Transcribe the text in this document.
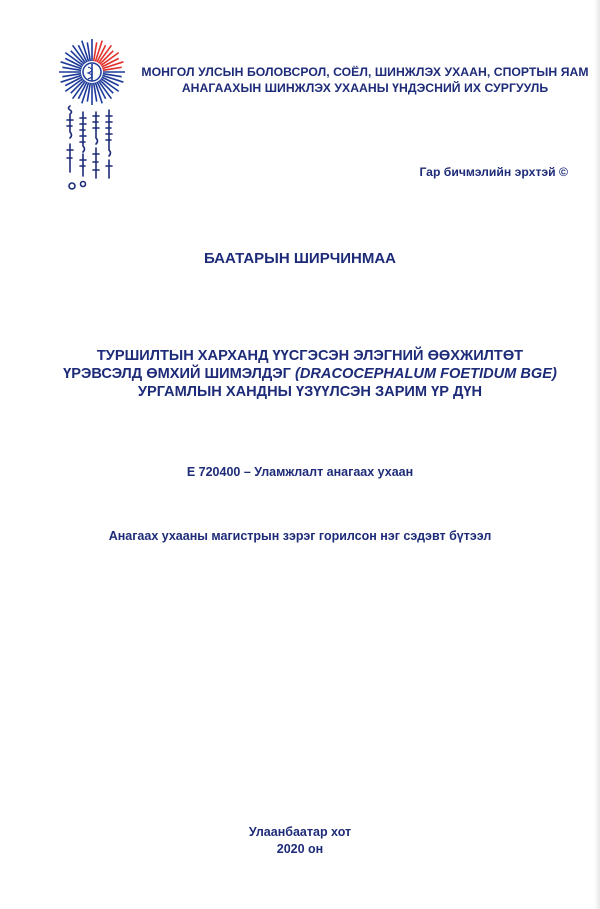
МОНГОЛ УЛСЫН БОЛОВСРОЛ, СОЁЛ, ШИНЖЛЭХ УХААН, СПОРТЫН ЯАМ
АНАГААХЫН ШИНЖЛЭХ УХААНЫ ҮНДЭСНИЙ ИХ СУРГУУЛЬ
Гар бичмэлийн эрхтэй ©
БААТАРЫН ШИРЧИНМАА
ТУРШИЛТЫН ХАРХАНД ҮҮСГЭСЭН ЭЛЭГНИЙ ӨӨХЖИЛТӨТ
ҮРЭВСЭЛД ӨМХИЙ ШИМЭЛДЭГ (DRACOCEPHALUM FOETIDUM BGE)
УРГАМЛЫН ХАНДНЫ ҮЗҮҮЛСЭН ЗАРИМ ҮР ДҮН
Е 720400 – Уламжлалт анагаах ухаан
Анагаах ухааны магистрын зэрэг горилсон нэг сэдэвт бүтээл
Улаанбаатар хот
2020 он
